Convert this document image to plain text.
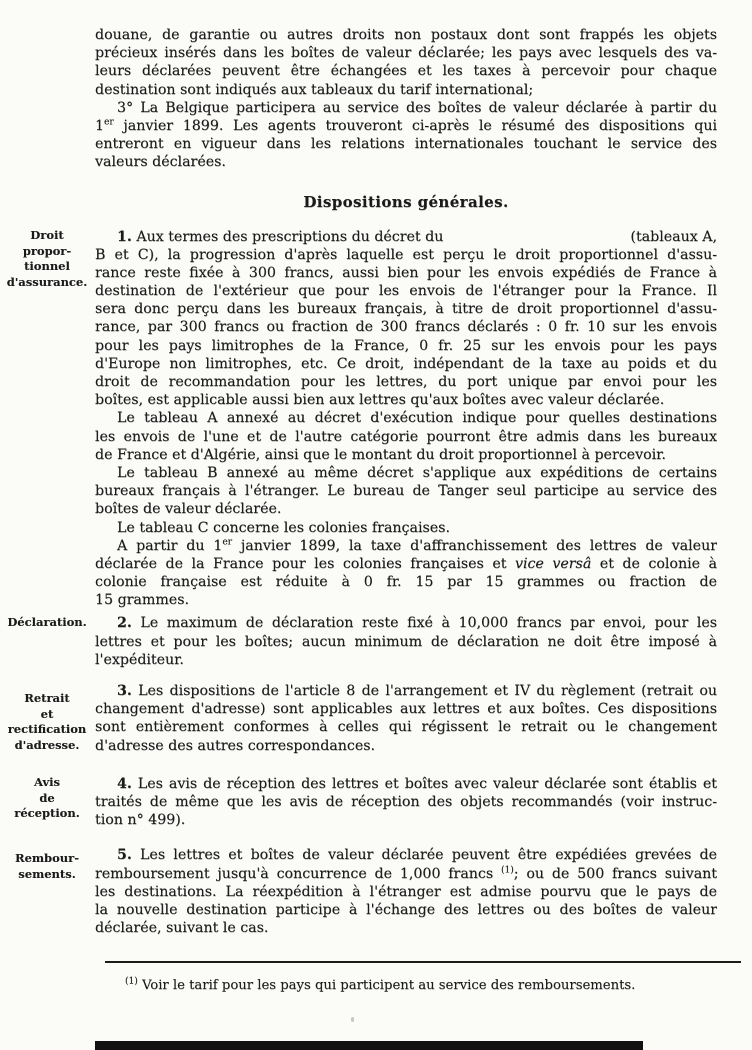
douane, de garantie ou autres droits non postaux dont sont frappés les objets
précieux insérés dans les boîtes de valeur déclarée; les pays avec lesquels des va-
leurs déclarées peuvent être échangées et les taxes à percevoir pour chaque
destination sont indiqués aux tableaux du tarif international;
3° La Belgique participera au service des boîtes de valeur déclarée à partir du
1er janvier 1899. Les agents trouveront ci-après le résumé des dispositions qui
entreront en vigueur dans les relations internationales touchant le service des
valeurs déclarées.
Dispositions générales.
1. Aux termes des prescriptions du décret du	(tableaux A,
B et C), la progression d'après laquelle est perçu le droit proportionnel d'assu-
rance reste fixée à 300 francs, aussi bien pour les envois expédiés de France à
destination de l'extérieur que pour les envois de l'étranger pour la France. Il
sera donc perçu dans les bureaux français, à titre de droit proportionnel d'assu-
rance, par 300 francs ou fraction de 300 francs déclarés : 0 fr. 10 sur les envois
pour les pays limitrophes de la France, 0 fr. 25 sur les envois pour les pays
d'Europe non limitrophes, etc. Ce droit, indépendant de la taxe au poids et du
droit de recommandation pour les lettres, du port unique par envoi pour les
boîtes, est applicable aussi bien aux lettres qu'aux boîtes avec valeur déclarée.
Le tableau A annexé au décret d'exécution indique pour quelles destinations
les envois de l'une et de l'autre catégorie pourront être admis dans les bureaux
de France et d'Algérie, ainsi que le montant du droit proportionnel à percevoir.
Le tableau B annexé au même décret s'applique aux expéditions de certains
bureaux français à l'étranger. Le bureau de Tanger seul participe au service des
boîtes de valeur déclarée.
Le tableau C concerne les colonies françaises.
A partir du 1er janvier 1899, la taxe d'affranchissement des lettres de valeur
déclarée de la France pour les colonies françaises et vice versâ et de colonie à
colonie française est réduite à 0 fr. 15 par 15 grammes ou fraction de
15 grammes.
2. Le maximum de déclaration reste fixé à 10,000 francs par envoi, pour les
lettres et pour les boîtes; aucun minimum de déclaration ne doit être imposé à
l'expéditeur.
3. Les dispositions de l'article 8 de l'arrangement et IV du règlement (retrait ou
changement d'adresse) sont applicables aux lettres et aux boîtes. Ces dispositions
sont entièrement conformes à celles qui régissent le retrait ou le changement
d'adresse des autres correspondances.
4. Les avis de réception des lettres et boîtes avec valeur déclarée sont établis et
traités de même que les avis de réception des objets recommandés (voir instruc-
tion n° 499).
5. Les lettres et boîtes de valeur déclarée peuvent être expédiées grevées de
remboursement jusqu'à concurrence de 1,000 francs $^{(1)}$; ou de 500 francs suivant
les destinations. La réexpédition à l'étranger est admise pourvu que le pays de
la nouvelle destination participe à l'échange des lettres ou des boîtes de valeur
déclarée, suivant le cas.
Droit
propor-
tionnel
d'assurance.
Déclaration.
Retrait
et
rectification
d'adresse.
Avis
de
réception.
Rembour-
sements.
$^{(1)}$ Voir le tarif pour les pays qui participent au service des remboursements.
